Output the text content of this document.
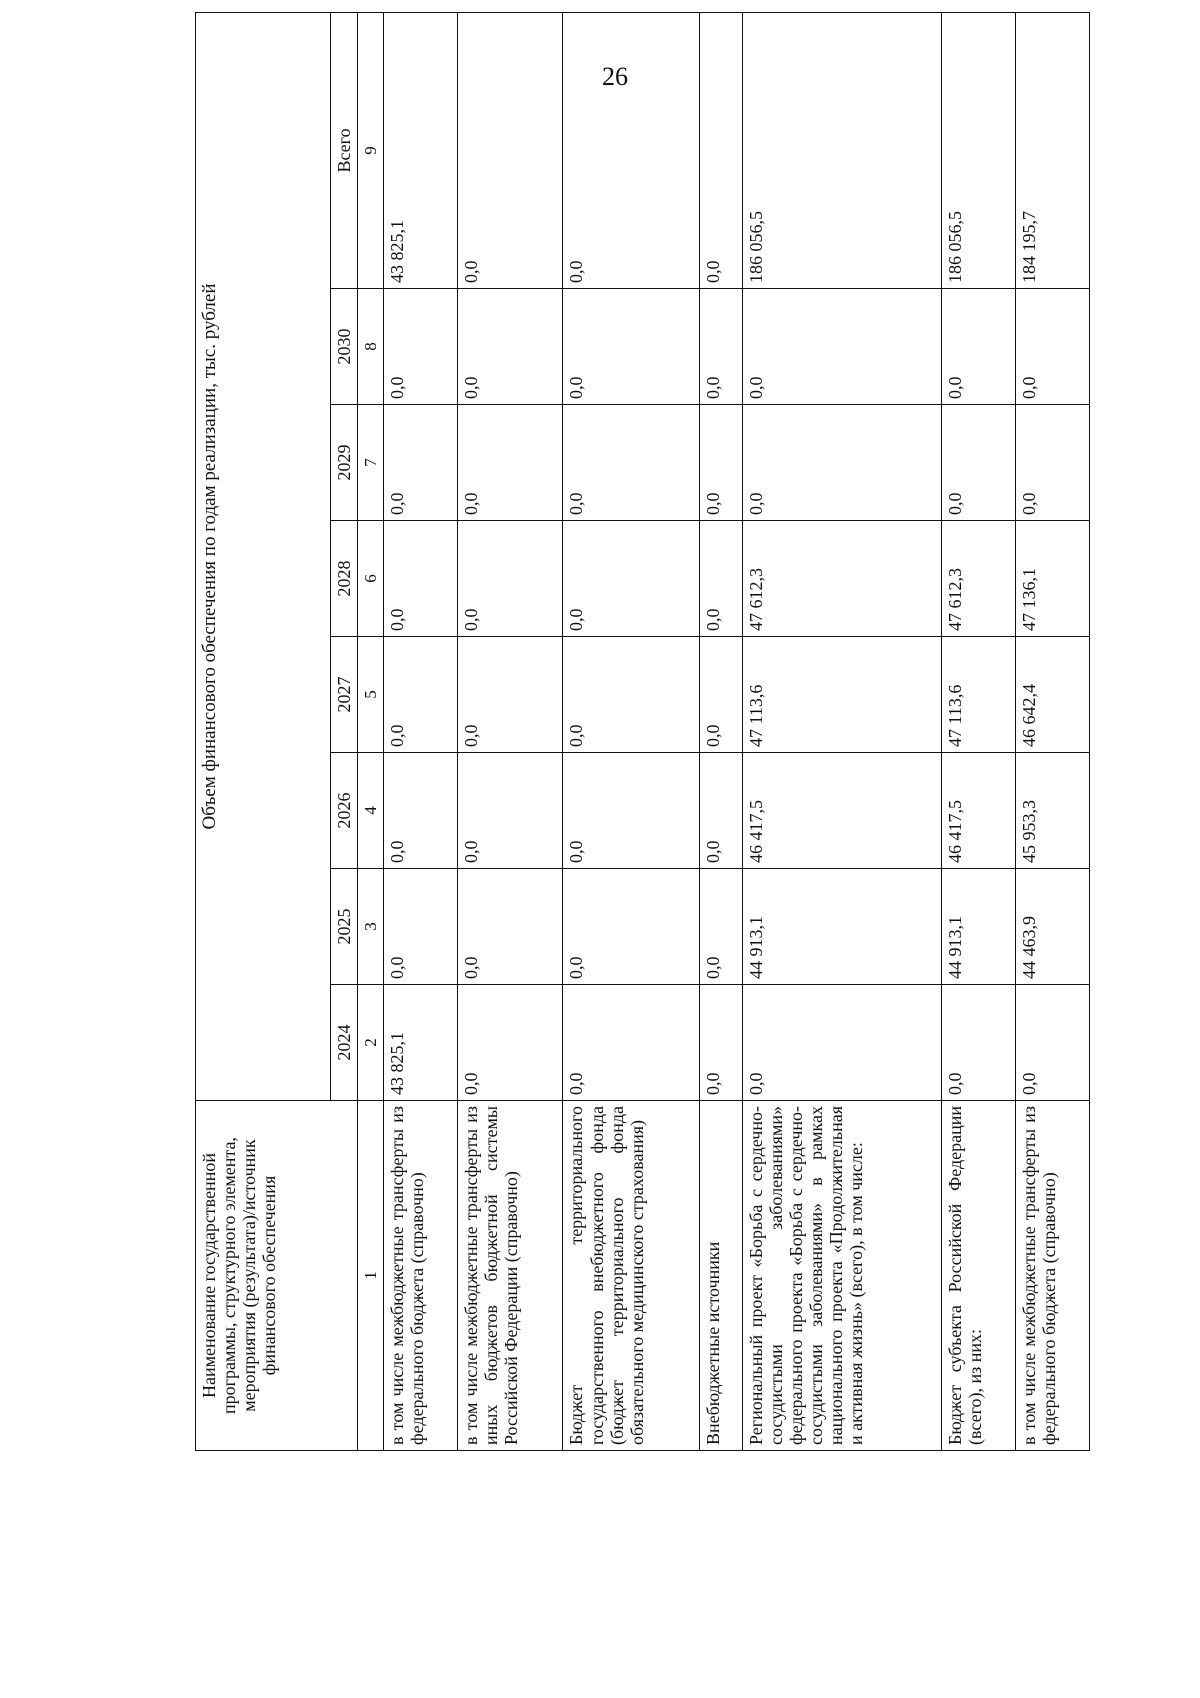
26
Наименование государственной программы, структурного элемента, мероприятия (результата)/источник финансового обеспечения	Объем финансового обеспечения по годам реализации, тыс. рублей							
	2024	2025	2026	2027	2028	2029	2030	Всего
1	2	3	4	5	6	7	8	9
в том числе межбюджетные трансферты из федерального бюджета (справочно)	43 825,1	0,0	0,0	0,0	0,0	0,0	0,0	43 825,1
в том числе межбюджетные трансферты из иных бюджетов бюджетной системы Российской Федерации (справочно)	0,0	0,0	0,0	0,0	0,0	0,0	0,0	0,0
Бюджет территориального государственного внебюджетного фонда (бюджет территориального фонда обязательного медицинского страхования)	0,0	0,0	0,0	0,0	0,0	0,0	0,0	0,0
Внебюджетные источники	0,0	0,0	0,0	0,0	0,0	0,0	0,0	0,0
Региональный проект «Борьба с сердечно-сосудистыми заболеваниями» федерального проекта «Борьба с сердечно-сосудистыми заболеваниями» в рамках национального проекта «Продолжительная и активная жизнь» (всего), в том числе:	0,0	44 913,1	46 417,5	47 113,6	47 612,3	0,0	0,0	186 056,5
Бюджет субъекта Российской Федерации (всего), из них:	0,0	44 913,1	46 417,5	47 113,6	47 612,3	0,0	0,0	186 056,5
в том числе межбюджетные трансферты из федерального бюджета (справочно)	0,0	44 463,9	45 953,3	46 642,4	47 136,1	0,0	0,0	184 195,7
